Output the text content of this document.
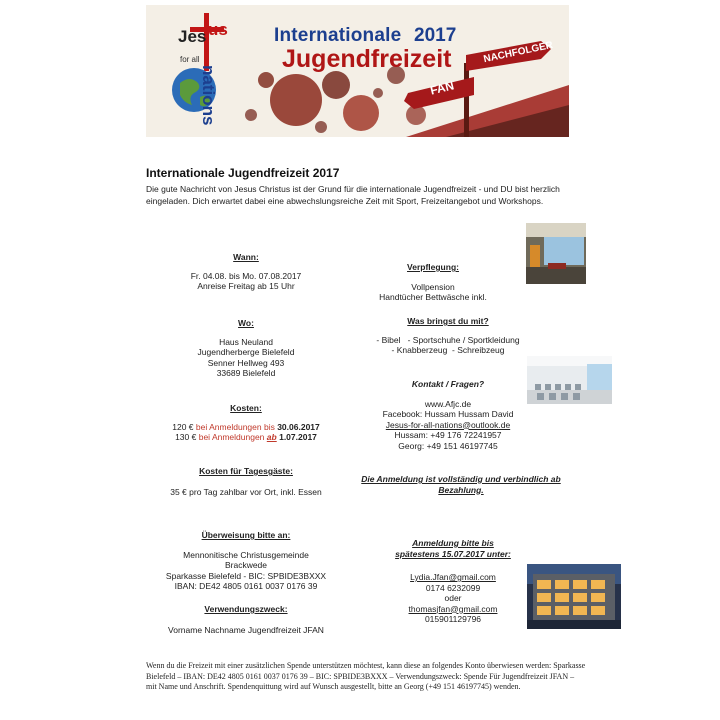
Jes us
for all
nations
Internationale 2017
Jugendfreizeit	NACHFOLGER
FAN
Internationale Jugendfreizeit 2017
Die gute Nachricht von Jesus Christus ist der Grund für die internationale Jugendfreizeit - und DU bist herzlich eingeladen. Dich erwartet dabei eine abwechslungsreiche Zeit mit Sport, Freizeitangebot und Workshops.
Wann:
Fr. 04.08. bis Mo. 07.08.2017
Anreise Freitag ab 15 Uhr
Wo:
Haus Neuland
Jugendherberge Bielefeld
Senner Hellweg 493
33689 Bielefeld
Kosten:
120 € bei Anmeldungen bis 30.06.2017
130 € bei Anmeldungen ab 1.07.2017
Kosten für Tagesgäste:
35 € pro Tag zahlbar vor Ort, inkl. Essen
Überweisung bitte an:
Mennonitische Christusgemeinde
Brackwede
Sparkasse Bielefeld - BIC: SPBIDE3BXXX
IBAN: DE42 4805 0161 0037 0176 39
Verwendungszweck:
Vorname Nachname Jugendfreizeit JFAN
Verpflegung:
Vollpension
Handtücher Bettwäsche inkl.
Was bringst du mit?
- Bibel   - Sportschuhe / Sportkleidung
- Knabberzeug  - Schreibzeug
Kontakt / Fragen?
www.Afjc.de
Facebook: Hussam Hussam David
Jesus-for-all-nations@outlook.de
Hussam: +49 176 72241957
Georg: +49 151 46197745
Die Anmeldung ist vollständig und verbindlich ab
Bezahlung.
Anmeldung bitte bis
spätestens 15.07.2017 unter:
Lydia.Jfan@gmail.com
0174 6232099
oder
thomasjfan@gmail.com
015901129796
Wenn du die Freizeit mit einer zusätzlichen Spende unterstützen möchtest, kann diese an folgendes Konto überwiesen werden: Sparkasse Bielefeld – IBAN: DE42 4805 0161 0037 0176 39 – BIC: SPBIDE3BXXX – Verwendungszweck: Spende Für Jugendfreizeit JFAN – mit Name und Anschrift. Spendenquittung wird auf Wunsch ausgestellt, bitte an Georg (+49 151 46197745) wenden.
